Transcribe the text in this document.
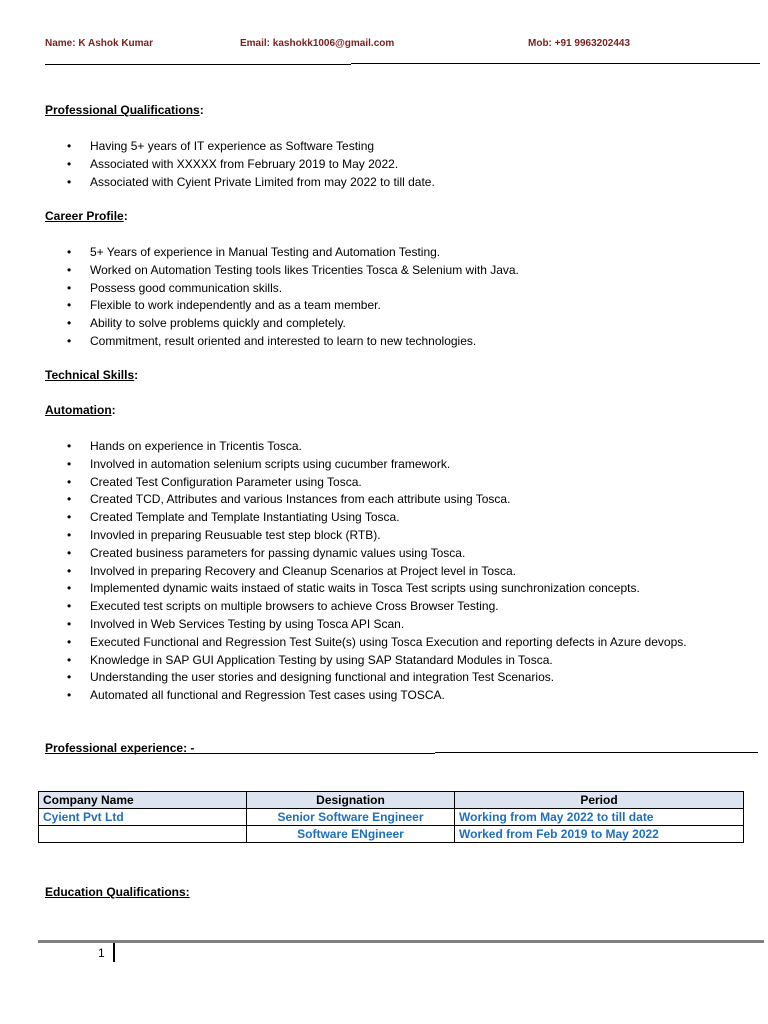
Name: K Ashok Kumar	Email: kashokk1006@gmail.com	Mob: +91 9963202443
Professional Qualifications:
• Having 5+ years of IT experience as Software Testing
• Associated with XXXXX from February 2019 to May 2022.
• Associated with Cyient Private Limited from may 2022 to till date.
Career Profile:
• 5+ Years of experience in Manual Testing and Automation Testing.
• Worked on Automation Testing tools likes Tricenties Tosca & Selenium with Java.
• Possess good communication skills.
• Flexible to work independently and as a team member.
• Ability to solve problems quickly and completely.
• Commitment, result oriented and interested to learn to new technologies.
Technical Skills:
Automation:
• Hands on experience in Tricentis Tosca.
• Involved in automation selenium scripts using cucumber framework.
• Created Test Configuration Parameter using Tosca.
• Created TCD, Attributes and various Instances from each attribute using Tosca.
• Created Template and Template Instantiating Using Tosca.
• Invovled in preparing Reusuable test step block (RTB).
• Created business parameters for passing dynamic values using Tosca.
• Involved in preparing Recovery and Cleanup Scenarios at Project level in Tosca.
• Implemented dynamic waits instaed of static waits in Tosca Test scripts using sunchronization concepts.
• Executed test scripts on multiple browsers to achieve Cross Browser Testing.
• Involved in Web Services Testing by using Tosca API Scan.
• Executed Functional and Regression Test Suite(s) using Tosca Execution and reporting defects in Azure devops.
• Knowledge in SAP GUI Application Testing by using SAP Statandard Modules in Tosca.
• Understanding the user stories and designing functional and integration Test Scenarios.
• Automated all functional and Regression Test cases using TOSCA.
Professional experience: -
Company Name	Designation	Period
Cyient Pvt Ltd	Senior Software Engineer	Working from May 2022 to till date
	Software ENgineer	Worked from Feb 2019 to May 2022
Education Qualifications:
1
